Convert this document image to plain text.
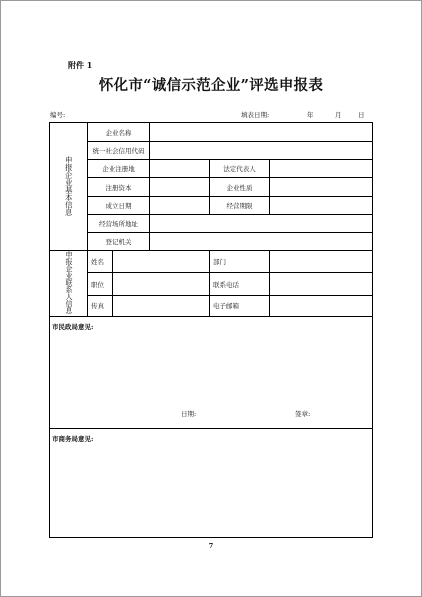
附件 1
怀化市“诚信示范企业”评选申报表
编号:	填表日期:	年	月	日
申报企业基本信息	企业名称				
	统一社会信用代码				
	企业注册地			法定代表人	
	注册资本			企业性质	
	成立日期			经营期限	
	经营场所地址				
	登记机关				
申报企业联系人信息	姓名			部门	
	职位			联系电话	
	传真			电子邮箱	

市民政局意见:
日期: 签章:					

市商务局意见:					
7
